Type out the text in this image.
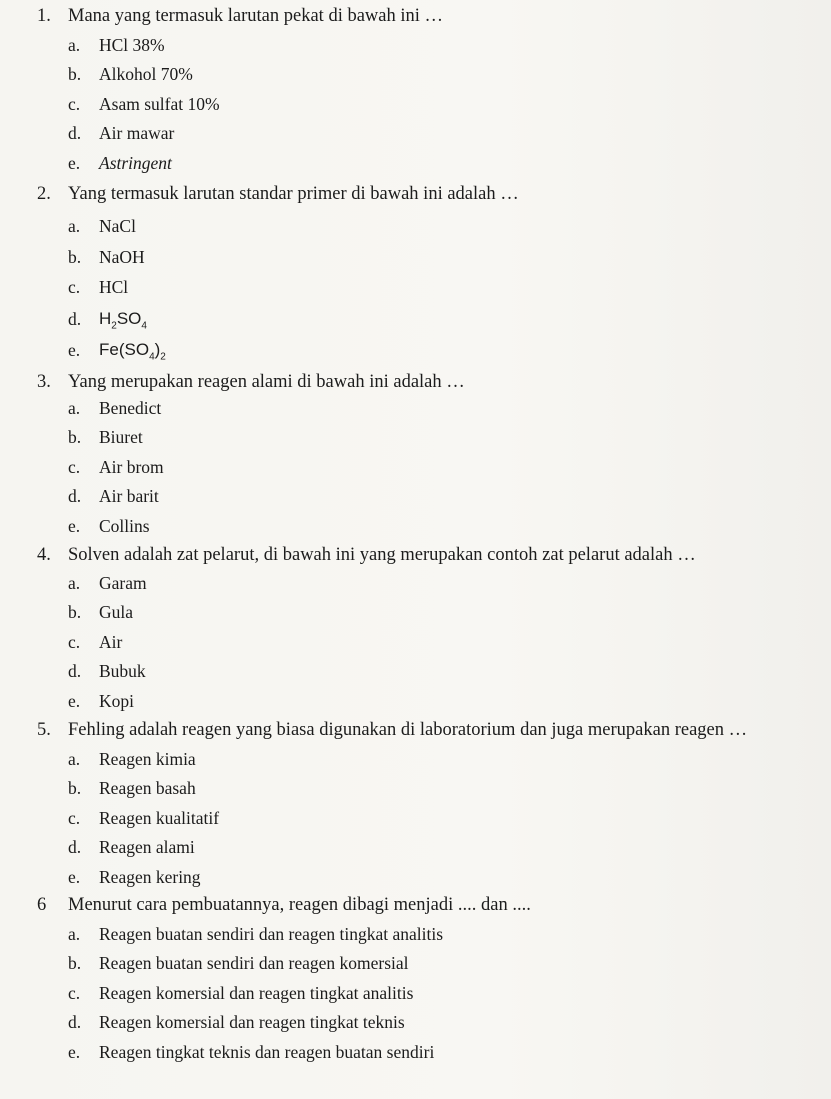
1. Mana yang termasuk larutan pekat di bawah ini …
a. HCl 38%
b. Alkohol 70%
c. Asam sulfat 10%
d. Air mawar
e. Astringent
2. Yang termasuk larutan standar primer di bawah ini adalah …
a. NaCl
b. NaOH
c. HCl
d. $H_2SO_4$
e. $Fe(SO_4)_2$
3. Yang merupakan reagen alami di bawah ini adalah …
a. Benedict
b. Biuret
c. Air brom
d. Air barit
e. Collins
4. Solven adalah zat pelarut, di bawah ini yang merupakan contoh zat pelarut adalah …
a. Garam
b. Gula
c. Air
d. Bubuk
e. Kopi
5. Fehling adalah reagen yang biasa digunakan di laboratorium dan juga merupakan reagen …
a. Reagen kimia
b. Reagen basah
c. Reagen kualitatif
d. Reagen alami
e. Reagen kering
6 Menurut cara pembuatannya, reagen dibagi menjadi .... dan ....
a. Reagen buatan sendiri dan reagen tingkat analitis
b. Reagen buatan sendiri dan reagen komersial
c. Reagen komersial dan reagen tingkat analitis
d. Reagen komersial dan reagen tingkat teknis
e. Reagen tingkat teknis dan reagen buatan sendiri
